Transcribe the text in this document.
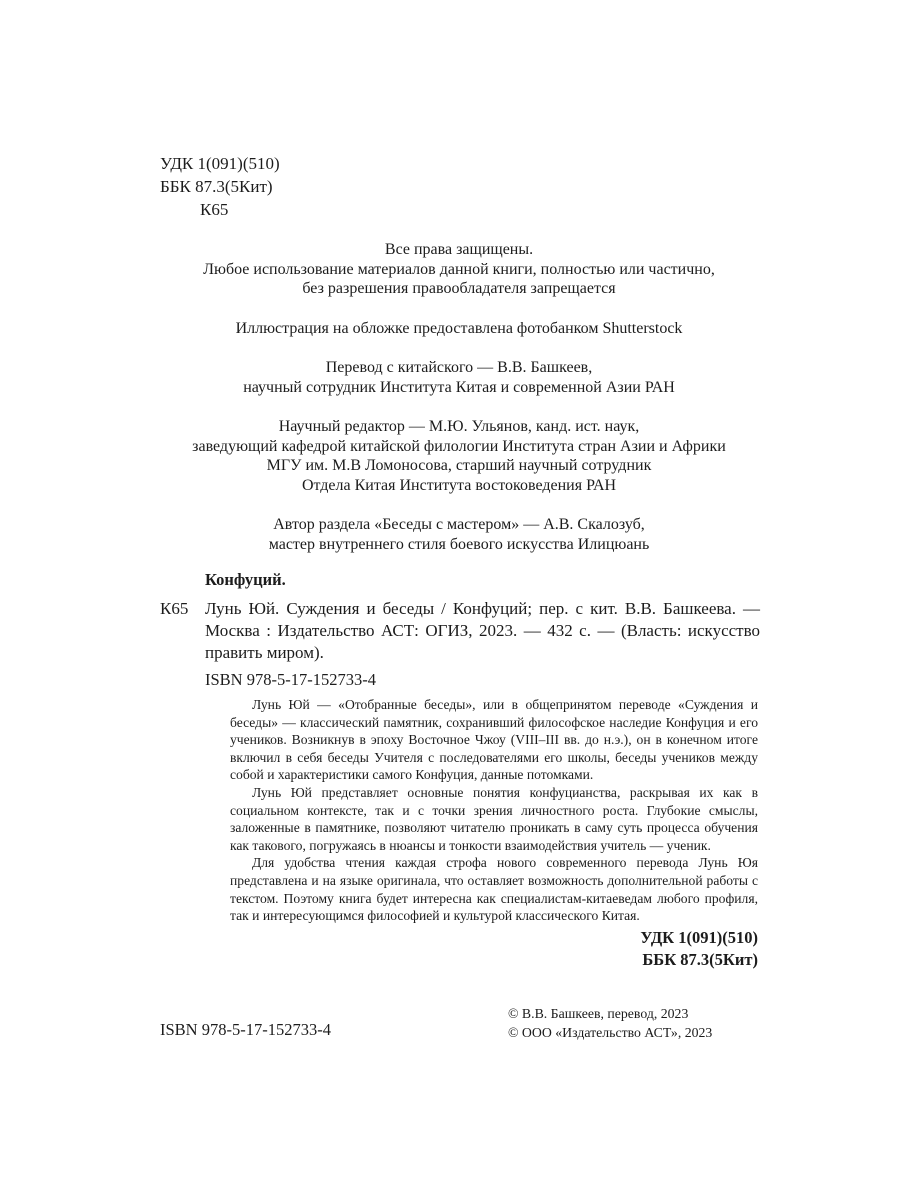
УДК 1(091)(510)
ББК 87.3(5Кит)
К65
Все права защищены.
Любое использование материалов данной книги, полностью или частично,
без разрешения правообладателя запрещается
Иллюстрация на обложке предоставлена фотобанком Shutterstock
Перевод с китайского — В.В. Башкеев,
научный сотрудник Института Китая и современной Азии РАН
Научный редактор — М.Ю. Ульянов, канд. ист. наук,
заведующий кафедрой китайской филологии Института стран Азии и Африки
МГУ им. М.В Ломоносова, старший научный сотрудник
Отдела Китая Института востоковедения РАН
Автор раздела «Беседы с мастером» — А.В. Скалозуб,
мастер внутреннего стиля боевого искусства Илицюань
Конфуций.
К65 Лунь Юй. Суждения и беседы / Конфуций; пер. с кит. В.В. Башкеева. — Москва : Издательство АСТ: ОГИЗ, 2023. — 432 с. — (Власть: искусство править миром).
ISBN 978-5-17-152733-4

Лунь Юй — «Отобранные беседы», или в общепринятом переводе «Суждения и беседы» — классический памятник, сохранивший философское наследие Конфуция и его учеников. Возникнув в эпоху Восточное Чжоу (VIII–III вв. до н.э.), он в конечном итоге включил в себя беседы Учителя с последователями его школы, беседы учеников между собой и характеристики самого Конфуция, данные потомками.

Лунь Юй представляет основные понятия конфуцианства, раскрывая их как в социальном контексте, так и с точки зрения личностного роста. Глубокие смыслы, заложенные в памятнике, позволяют читателю проникать в саму суть процесса обучения как такового, погружаясь в нюансы и тонкости взаимодействия учитель — ученик.

Для удобства чтения каждая строфа нового современного перевода Лунь Юя представлена и на языке оригинала, что оставляет возможность дополнительной работы с текстом. Поэтому книга будет интересна как специалистам-китаеведам любого профиля, так и интересующимся философией и культурой классического Китая.

УДК 1(091)(510)
ББК 87.3(5Кит)
ISBN 978-5-17-152733-4
© В.В. Башкеев, перевод, 2023
© ООО «Издательство АСТ», 2023
